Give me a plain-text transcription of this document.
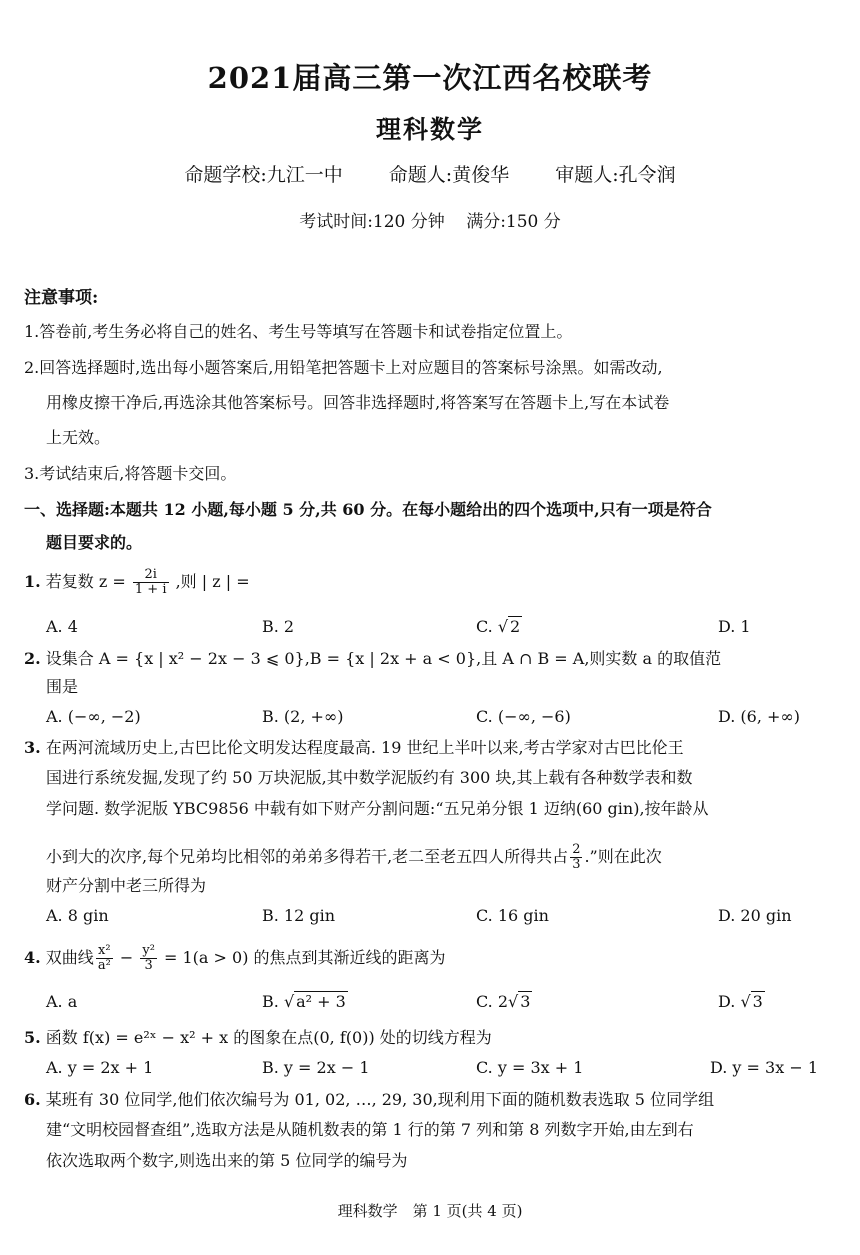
2021届高三第一次江西名校联考
理科数学
命题学校:九江一中 命题人:黄俊华 审题人:孔令润
考试时间:120 分钟 满分:150 分
注意事项:
1.答卷前,考生务必将自己的姓名、考生号等填写在答题卡和试卷指定位置上。
2.回答选择题时,选出每小题答案后,用铅笔把答题卡上对应题目的答案标号涂黑。如需改动,
用橡皮擦干净后,再选涂其他答案标号。回答非选择题时,将答案写在答题卡上,写在本试卷
上无效。
3.考试结束后,将答题卡交回。
一、选择题:本题共 12 小题,每小题 5 分,共 60 分。在每小题给出的四个选项中,只有一项是符合
题目要求的。
1. 若复数 $z = \frac{2i}{1 + i}$ ,则 | z | =
A. 4	B. 2	C. √ 2	D. 1
2. 设集合 A = {x | x² − 2x − 3 ⩽ 0},B = {x | 2x + a < 0},且 A ∩ B = A,则实数 a 的取值范
围是
A. (−∞, −2)	B. (2, +∞)	C. (−∞, −6)	D. (6, +∞)
3. 在两河流域历史上,古巴比伦文明发达程度最高. 19 世纪上半叶以来,考古学家对古巴比伦王
国进行系统发掘,发现了约 50 万块泥版,其中数学泥版约有 300 块,其上载有各种数学表和数
学问题. 数学泥版 YBC9856 中载有如下财产分割问题:“五兄弟分银 1 迈纳(60 gin),按年龄从
小到大的次序,每个兄弟均比相邻的弟弟多得若干,老二至老五四人所得共占 $\frac{2}{3}$ .”则在此次
财产分割中老三所得为
A. 8 gin	B. 12 gin	C. 16 gin	D. 20 gin
4. 双曲线 $\frac{\text{x²}}{\text{a²}} - \frac{\text{y²}}{3} = 1(a > 0)$ 的焦点到其渐近线的距离为
A. a	B. √ a² + 3	C. 2√ 3	D. √ 3
5. 函数 f(x) = e²ˣ − x² + x 的图象在点(0, f(0)) 处的切线方程为
A. y = 2x + 1	B. y = 2x − 1	C. y = 3x + 1	D. y = 3x − 1
6. 某班有 30 位同学,他们依次编号为 01, 02, …, 29, 30,现利用下面的随机数表选取 5 位同学组
建“文明校园督查组”,选取方法是从随机数表的第 1 行的第 7 列和第 8 列数字开始,由左到右
依次选取两个数字,则选出来的第 5 位同学的编号为
理科数学　第 1 页(共 4 页)
